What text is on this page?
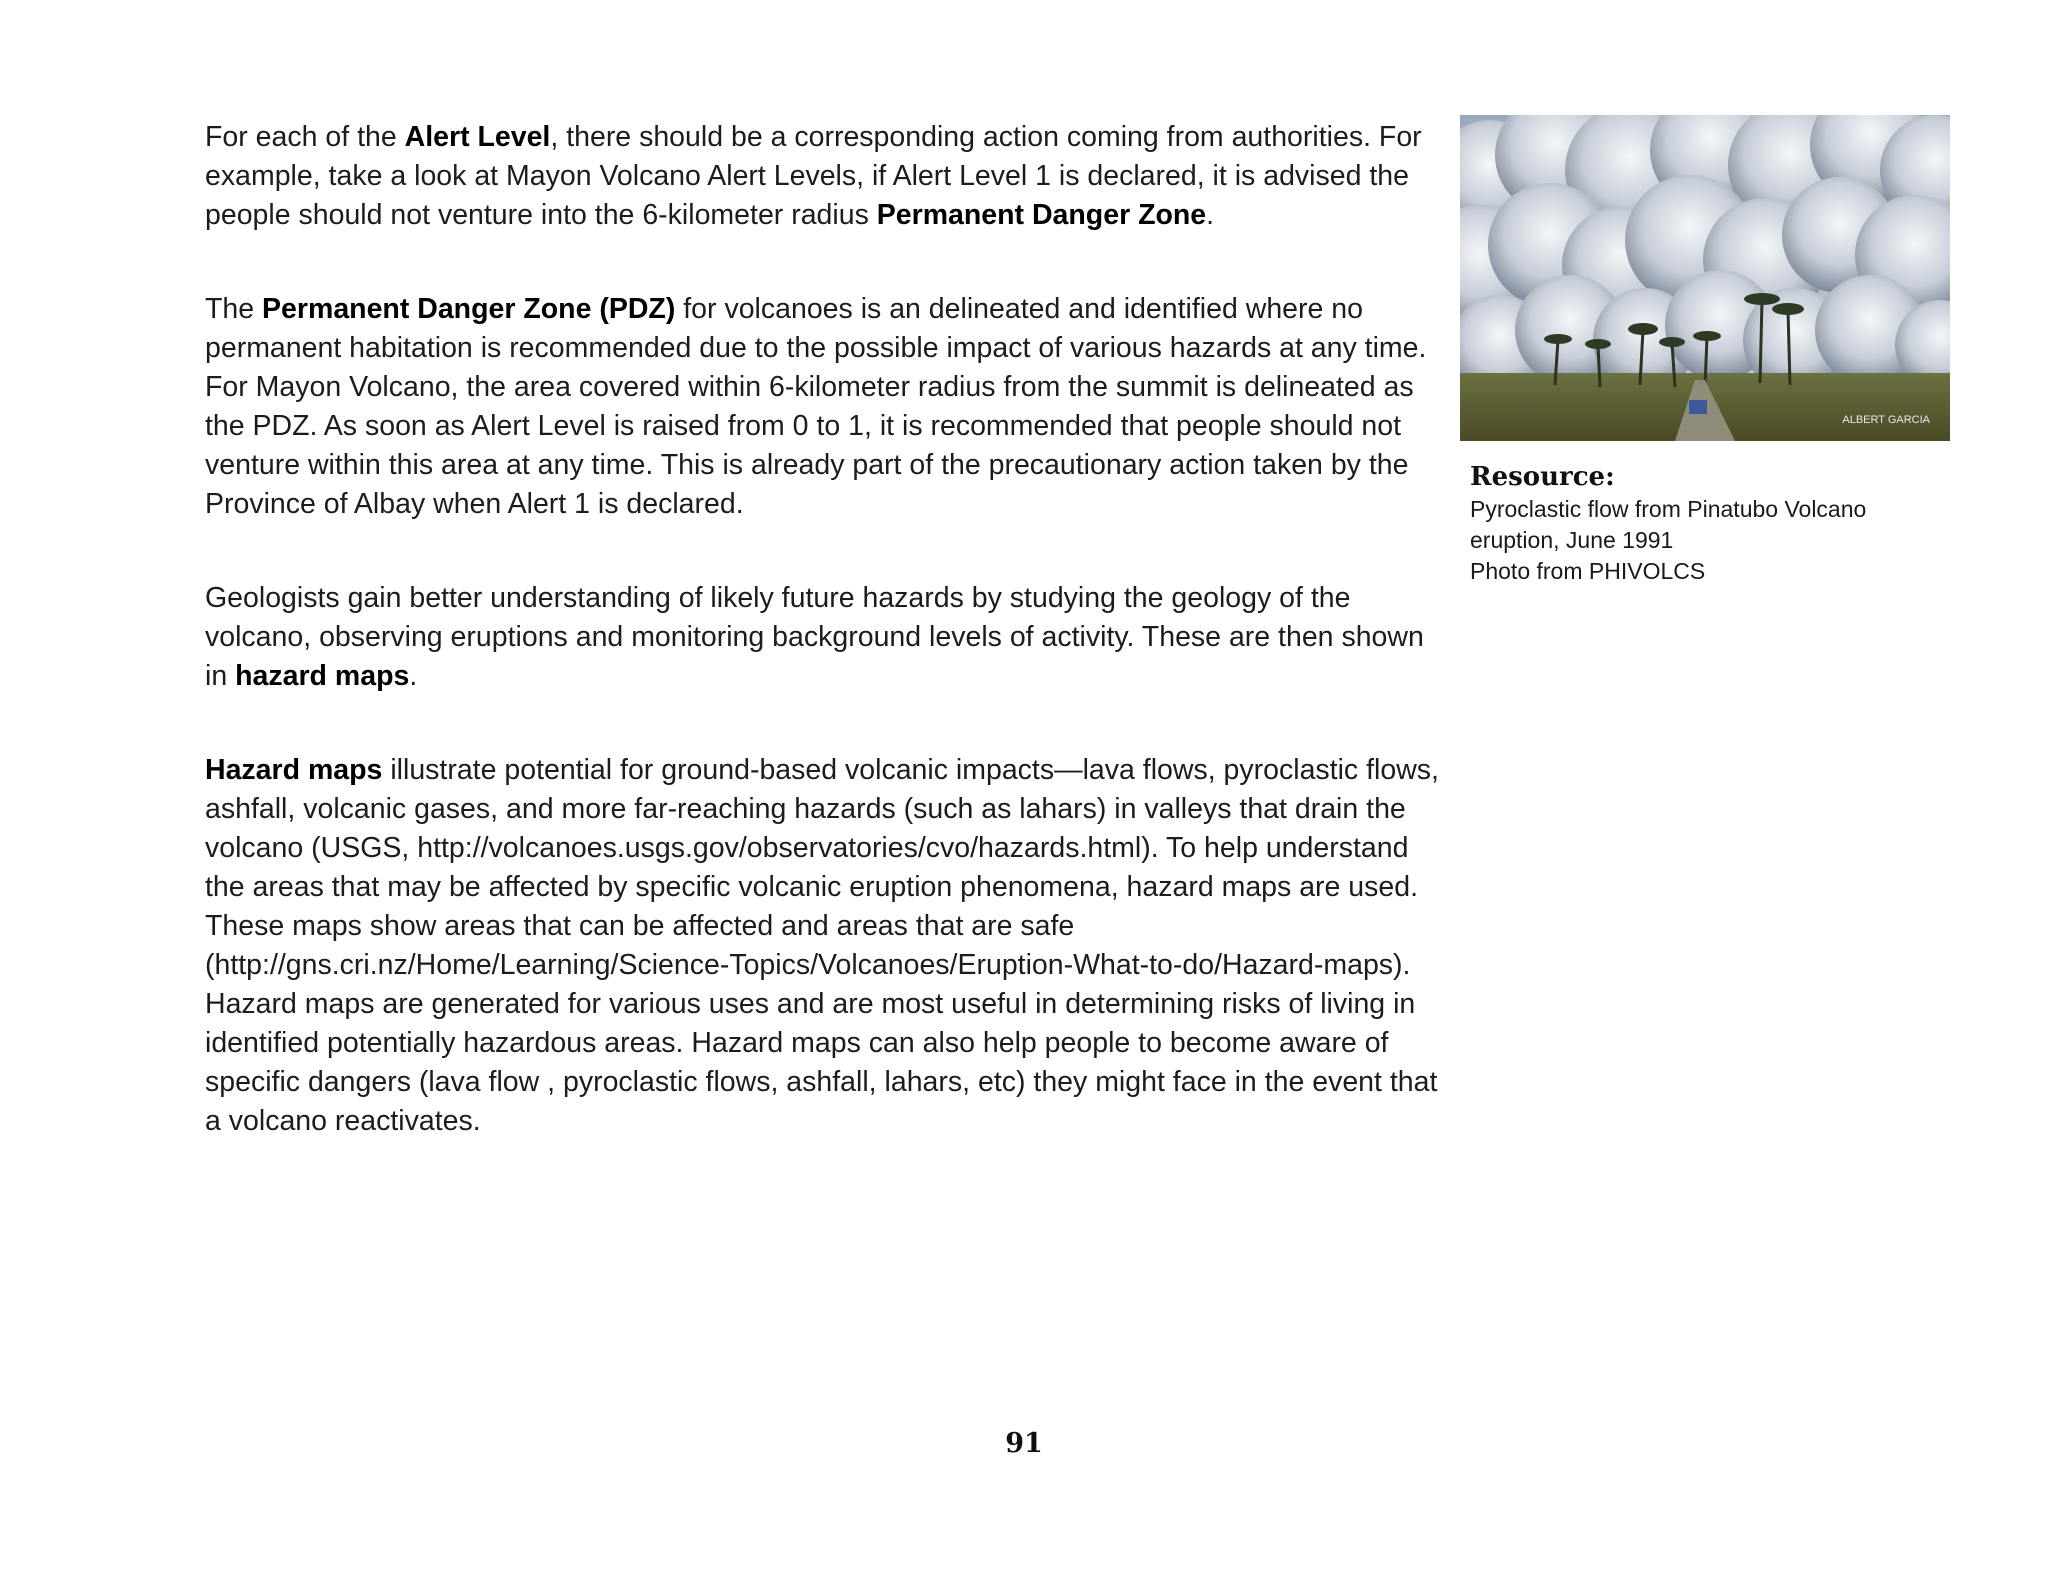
For each of the Alert Level, there should be a corresponding action coming from authorities. For example, take a look at Mayon Volcano Alert Levels, if Alert Level 1 is declared, it is advised the people should not venture into the 6-kilometer radius Permanent Danger Zone.

The Permanent Danger Zone (PDZ) for volcanoes is an delineated and identified where no permanent habitation is recommended due to the possible impact of various hazards at any time. For Mayon Volcano, the area covered within 6-kilometer radius from the summit is delineated as the PDZ. As soon as Alert Level is raised from 0 to 1, it is recommended that people should not venture within this area at any time. This is already part of the precautionary action taken by the Province of Albay when Alert 1 is declared.

Geologists gain better understanding of likely future hazards by studying the geology of the volcano, observing eruptions and monitoring background levels of activity. These are then shown in hazard maps.

Hazard maps illustrate potential for ground-based volcanic impacts—lava flows, pyroclastic flows, ashfall, volcanic gases, and more far-reaching hazards (such as lahars) in valleys that drain the volcano (USGS, http://volcanoes.usgs.gov/observatories/cvo/hazards.html). To help understand the areas that may be affected by specific volcanic eruption phenomena, hazard maps are used. These maps show areas that can be affected and areas that are safe (http://gns.cri.nz/Home/Learning/Science-Topics/Volcanoes/Eruption-What-to-do/Hazard-maps). Hazard maps are generated for various uses and are most useful in determining risks of living in identified potentially hazardous areas. Hazard maps can also help people to become aware of specific dangers (lava flow , pyroclastic flows, ashfall, lahars, etc) they might face in the event that a volcano reactivates.

ALBERT GARCIA
Resource:
Pyroclastic flow from Pinatubo Volcano
eruption, June 1991
Photo from PHIVOLCS
91
